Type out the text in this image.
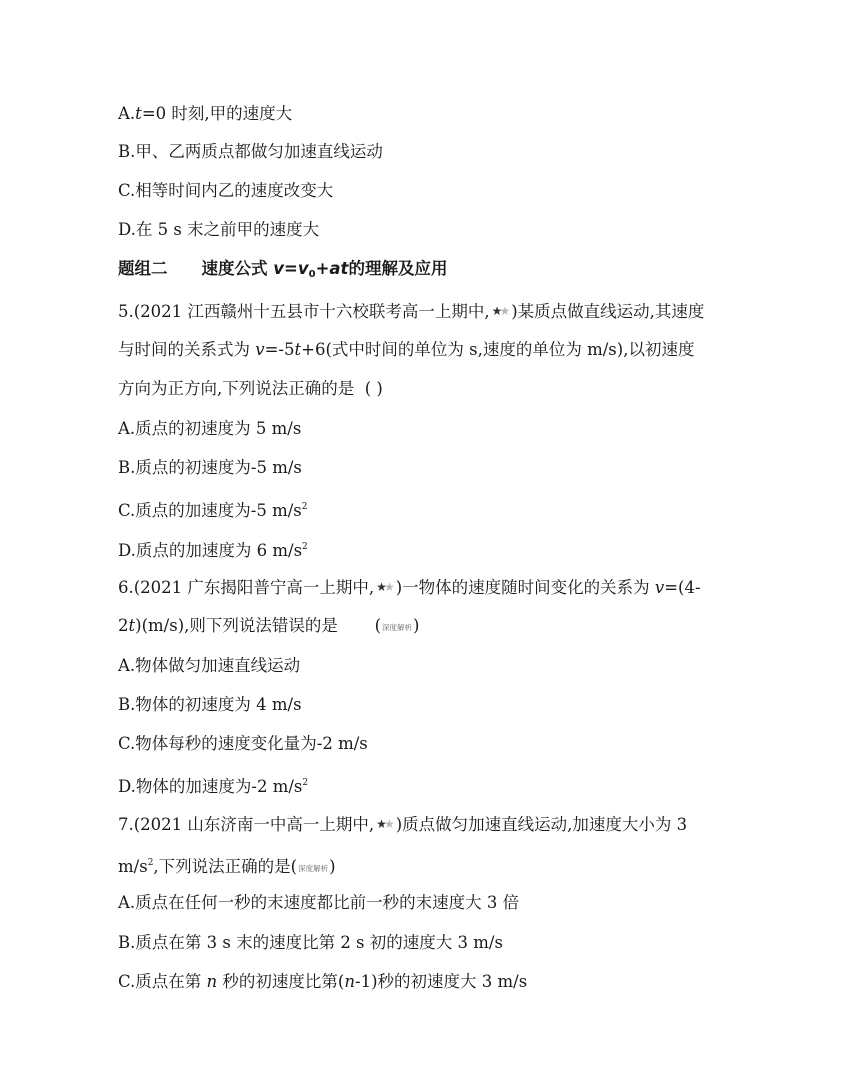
A.t=0 时刻,甲的速度大
B.甲、乙两质点都做匀加速直线运动
C.相等时间内乙的速度改变大
D.在 5 s 末之前甲的速度大
题组二 速度公式 $v=v_0+at$的理解及应用
5.(2021 江西赣州十五县市十六校联考高一上期中, ★★ )某质点做直线运动,其速度
与时间的关系式为 v=-5t+6(式中时间的单位为 s,速度的单位为 m/s),以初速度
方向为正方向,下列说法正确的是 ( )
A.质点的初速度为 5 m/s
B.质点的初速度为-5 m/s
C.质点的加速度为-5 $m/s^2$
D.质点的加速度为 6 $m/s^2$
6.(2021 广东揭阳普宁高一上期中, ★★ )一物体的速度随时间变化的关系为 v=(4-
2t)(m/s),则下列说法错误的是       (深度解析)
A.物体做匀加速直线运动
B.物体的初速度为 4 m/s
C.物体每秒的速度变化量为-2 m/s
D.物体的加速度为-2 $m/s^2$
7.(2021 山东济南一中高一上期中, ★★ )质点做匀加速直线运动,加速度大小为 3
$m/s^2$,下列说法正确的是(深度解析)
A.质点在任何一秒的末速度都比前一秒的末速度大 3 倍
B.质点在第 3 s 末的速度比第 2 s 初的速度大 3 m/s
C.质点在第 n 秒的初速度比第(n-1)秒的初速度大 3 m/s
